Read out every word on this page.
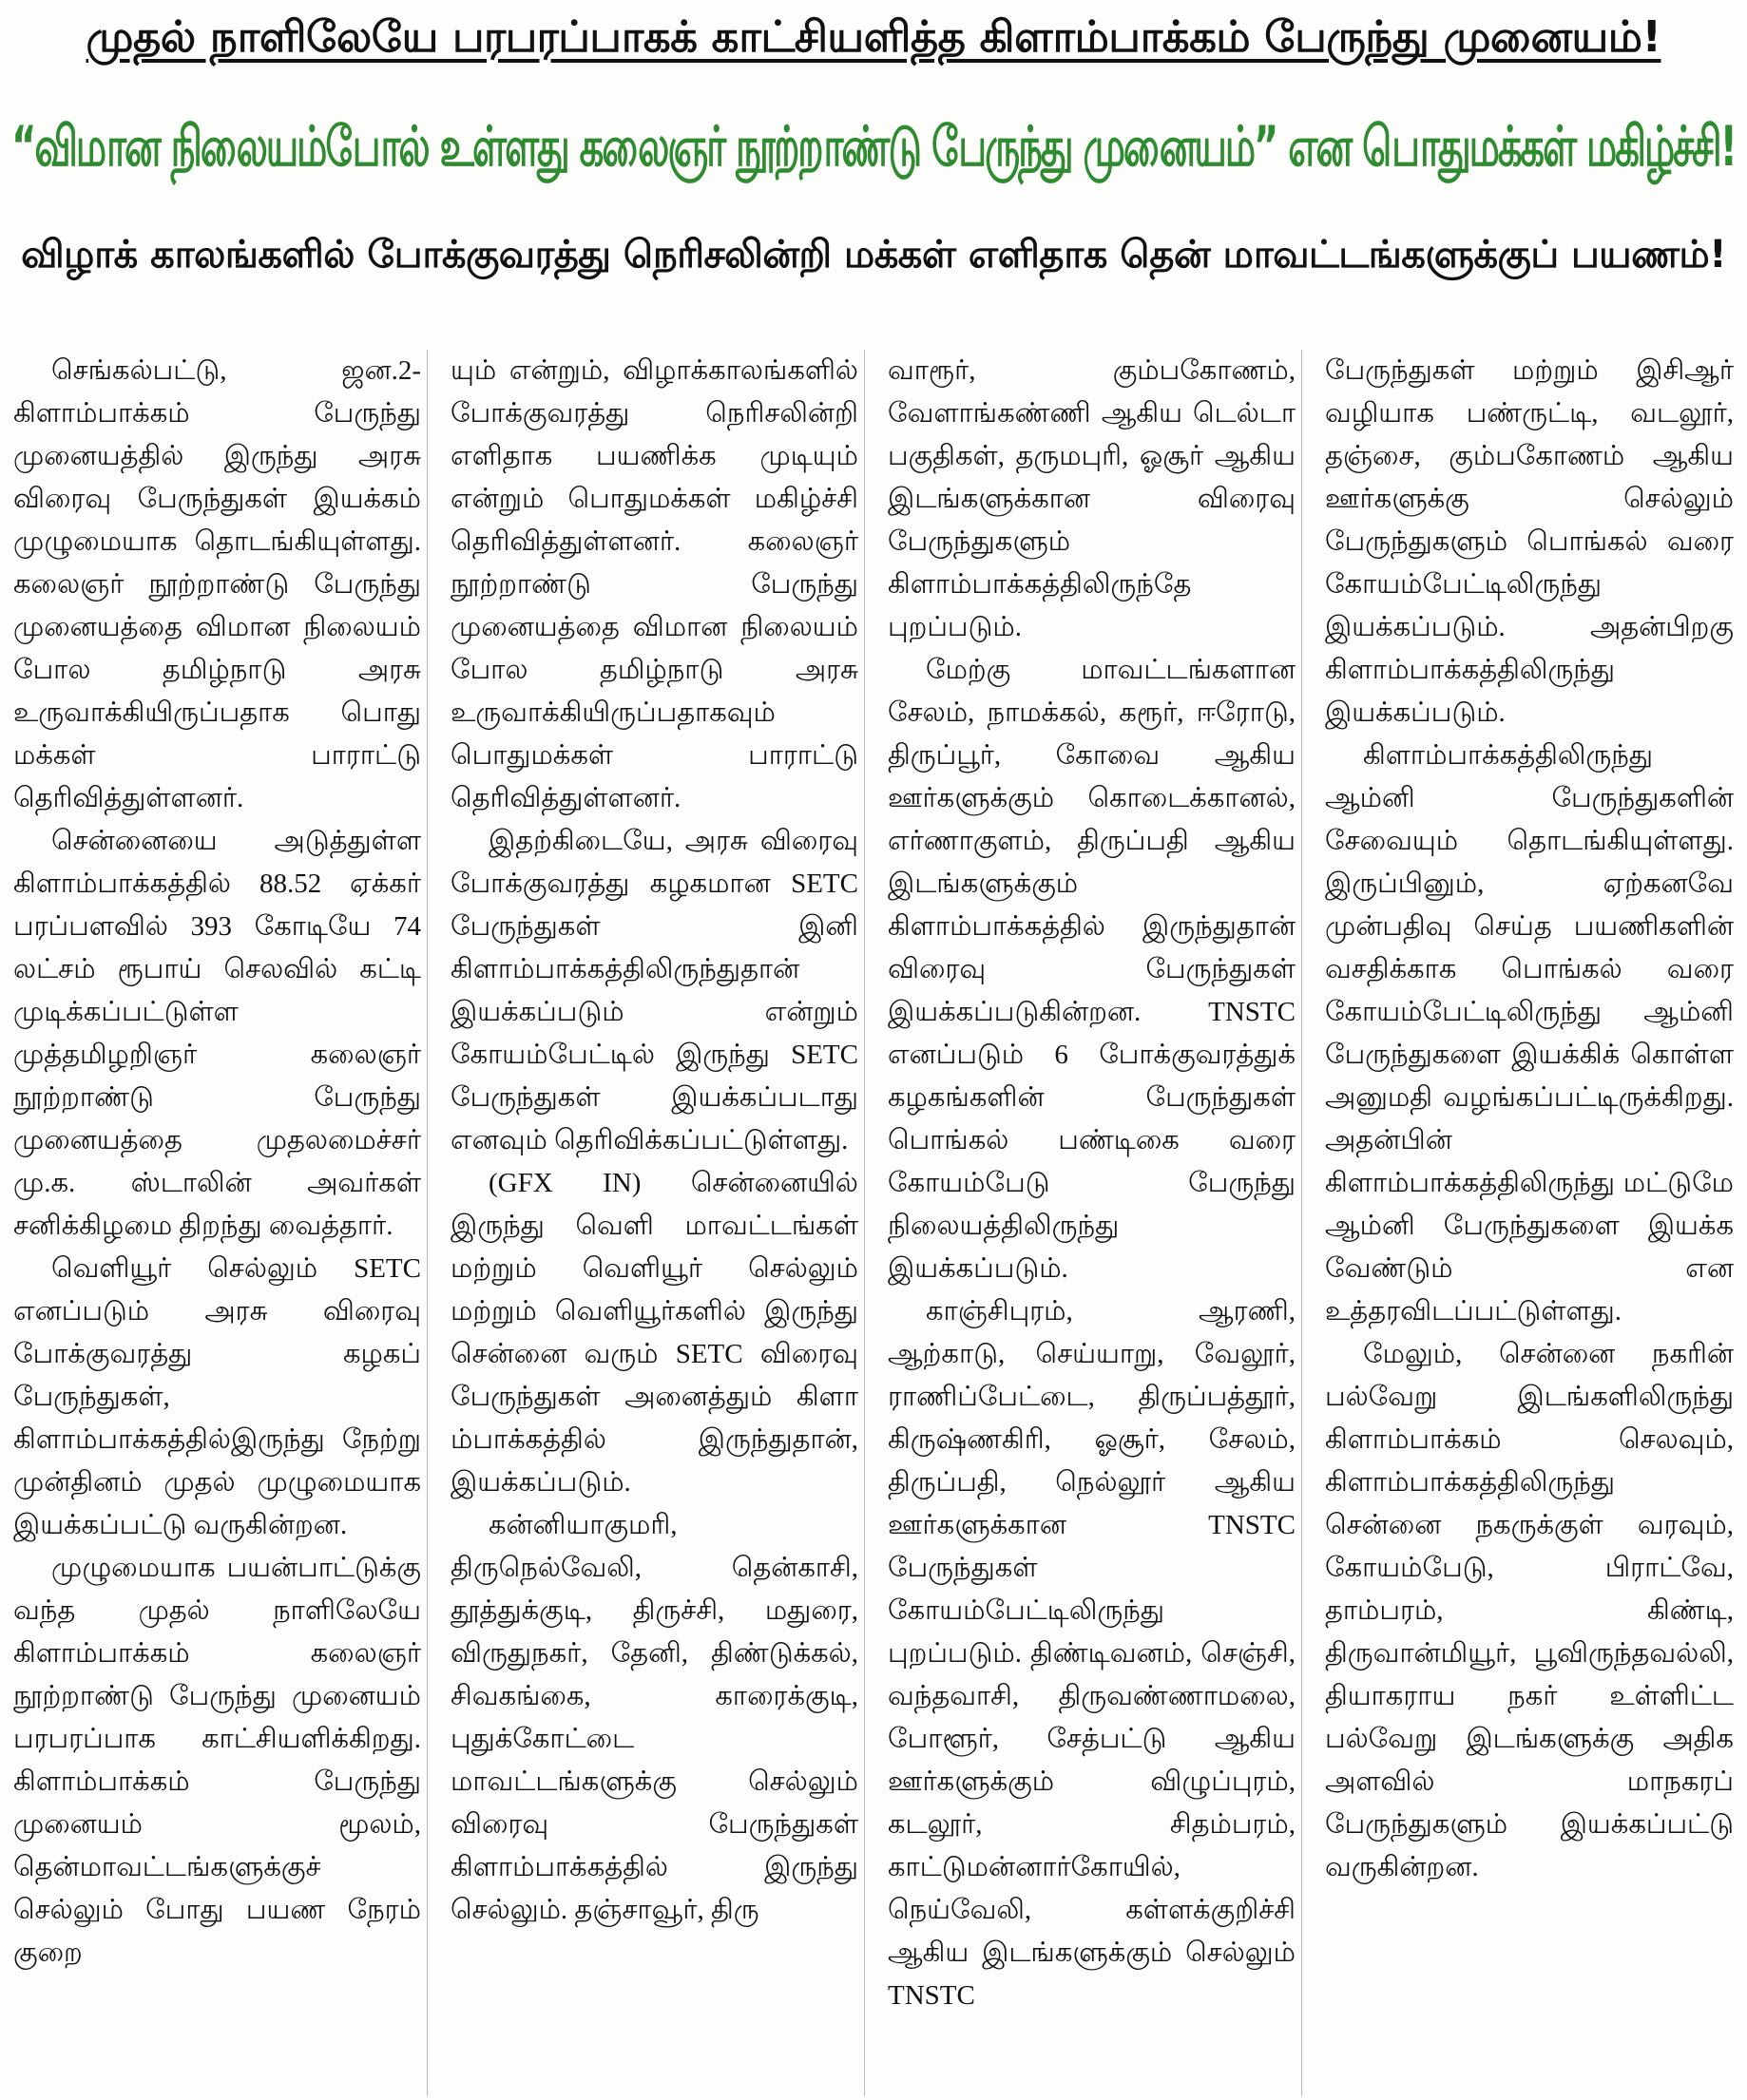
முதல் நாளிலேயே பரபரப்பாகக் காட்சியளித்த கிளாம்பாக்கம் பேருந்து முனையம்!
“விமான நிலையம்போல் உள்ளது கலைஞர் நூற்றாண்டு பேருந்து முனையம்” என பொதுமக்கள் மகிழ்ச்சி!
விழாக் காலங்களில் போக்குவரத்து நெரிசலின்றி மக்கள் எளிதாக தென் மாவட்டங்களுக்குப் பயணம்!

செங்கல்பட்டு, ஜன.2- கிளாம்பாக்கம் பேருந்து முனையத்தில் இருந்து அரசு விரைவு பேருந்துகள் இயக்கம் முழுமையாக தொடங்கியுள்ளது. கலைஞர் நூற்றாண்டு பேருந்து முனையத்தை விமான நிலையம் போல தமிழ்நாடு அரசு உருவாக்கியிருப்பதாக பொது மக்கள் பாராட்டு தெரிவித்துள்ளனர்.

சென்னையை அடுத்துள்ள கிளாம்பாக்கத்தில் 88.52 ஏக்கர் பரப்பளவில் 393 கோடியே 74 லட்சம் ரூபாய் செலவில் கட்டி முடிக்கப்பட்டுள்ள முத்தமிழறிஞர் கலைஞர் நூற்றாண்டு பேருந்து முனையத்தை முதலமைச்சர் மு.க. ஸ்டாலின் அவர்கள் சனிக்கிழமை திறந்து வைத்தார்.

வெளியூர் செல்லும் SETC எனப்படும் அரசு விரைவு போக்குவரத்து கழகப் பேருந்துகள், கிளாம்பாக்கத்தில்இருந்து நேற்று முன்தினம் முதல் முழுமையாக இயக்கப்பட்டு வருகின்றன.

முழுமையாக பயன்பாட்டுக்கு வந்த முதல் நாளிலேயே கிளாம்பாக்கம் கலைஞர் நூற்றாண்டு பேருந்து முனையம் பரபரப்பாக காட்சியளிக்கிறது. கிளாம்பாக்கம் பேருந்து முனையம் மூலம், தென்மாவட்டங்களுக்குச் செல்லும் போது பயண நேரம் குறை

யும் என்றும், விழாக்காலங்களில் போக்குவரத்து நெரிசலின்றி எளிதாக பயணிக்க முடியும் என்றும் பொதுமக்கள் மகிழ்ச்சி தெரிவித்துள்ளனர். கலைஞர் நூற்றாண்டு பேருந்து முனையத்தை விமான நிலையம் போல தமிழ்நாடு அரசு உருவாக்கியிருப்பதாகவும் பொதுமக்கள் பாராட்டு தெரிவித்துள்ளனர்.

இதற்கிடையே, அரசு விரைவு போக்குவரத்து கழகமான SETC பேருந்துகள் இனி கிளாம்பாக்கத்திலிருந்துதான் இயக்கப்படும் என்றும் கோயம்பேட்டில் இருந்து SETC பேருந்துகள் இயக்கப்படாது எனவும் தெரிவிக்கப்பட்டுள்ளது.

(GFX IN) சென்னையில் இருந்து வெளி மாவட்டங்கள் மற்றும் வெளியூர் செல்லும் மற்றும் வெளியூர்களில் இருந்து சென்னை வரும் SETC விரைவு பேருந்துகள் அனைத்தும் கிளா ம்பாக்கத்தில் இருந்துதான், இயக்கப்படும்.

கன்னியாகுமரி, திருநெல்வேலி, தென்காசி, தூத்துக்குடி, திருச்சி, மதுரை, விருதுநகர், தேனி, திண்டுக்கல், சிவகங்கை, காரைக்குடி, புதுக்கோட்டை மாவட்டங்களுக்கு செல்லும் விரைவு பேருந்துகள் கிளாம்பாக்கத்தில் இருந்து செல்லும். தஞ்சாவூர், திரு

வாரூர், கும்பகோணம், வேளாங்கண்ணி ஆகிய டெல்டா பகுதிகள், தருமபுரி, ஓசூர் ஆகிய இடங்களுக்கான விரைவு பேருந்துகளும் கிளாம்பாக்கத்திலிருந்தே புறப்படும்.

மேற்கு மாவட்டங்களான சேலம், நாமக்கல், கரூர், ஈரோடு, திருப்பூர், கோவை ஆகிய ஊர்களுக்கும் கொடைக்கானல், எர்ணாகுளம், திருப்பதி ஆகிய இடங்களுக்கும் கிளாம்பாக்கத்தில் இருந்துதான் விரைவு பேருந்துகள் இயக்கப்படுகின்றன. TNSTC எனப்படும் 6 போக்குவரத்துக் கழகங்களின் பேருந்துகள் பொங்கல் பண்டிகை வரை கோயம்பேடு பேருந்து நிலையத்திலிருந்து இயக்கப்படும்.

காஞ்சிபுரம், ஆரணி, ஆற்காடு, செய்யாறு, வேலூர், ராணிப்பேட்டை, திருப்பத்தூர், கிருஷ்ணகிரி, ஓசூர், சேலம், திருப்பதி, நெல்லூர் ஆகிய ஊர்களுக்கான TNSTC பேருந்துகள் கோயம்பேட்டிலிருந்து புறப்படும். திண்டிவனம், செஞ்சி, வந்தவாசி, திருவண்ணாமலை, போளூர், சேத்பட்டு ஆகிய ஊர்களுக்கும் விழுப்புரம், கடலூர், சிதம்பரம், காட்டுமன்னார்கோயில், நெய்வேலி, கள்ளக்குறிச்சி ஆகிய இடங்களுக்கும் செல்லும் TNSTC

பேருந்துகள் மற்றும் இசிஆர் வழியாக பண்ருட்டி, வடலூர், தஞ்சை, கும்பகோணம் ஆகிய ஊர்களுக்கு செல்லும் பேருந்துகளும் பொங்கல் வரை கோயம்பேட்டிலிருந்து இயக்கப்படும். அதன்பிறகு கிளாம்பாக்கத்திலிருந்து இயக்கப்படும்.

கிளாம்பாக்கத்திலிருந்து ஆம்னி பேருந்துகளின் சேவையும் தொடங்கியுள்ளது. இருப்பினும், ஏற்கனவே முன்பதிவு செய்த பயணிகளின் வசதிக்காக பொங்கல் வரை கோயம்பேட்டிலிருந்து ஆம்னி பேருந்துகளை இயக்கிக் கொள்ள அனுமதி வழங்கப்பட்டிருக்கிறது. அதன்பின் கிளாம்பாக்கத்திலிருந்து மட்டுமே ஆம்னி பேருந்துகளை இயக்க வேண்டும் என உத்தரவிடப்பட்டுள்ளது.

மேலும், சென்னை நகரின் பல்வேறு இடங்களிலிருந்து கிளாம்பாக்கம் செலவும், கிளாம்பாக்கத்திலிருந்து சென்னை நகருக்குள் வரவும், கோயம்பேடு, பிராட்வே, தாம்பரம், கிண்டி, திருவான்மியூர், பூவிருந்தவல்லி, தியாகராய நகர் உள்ளிட்ட பல்வேறு இடங்களுக்கு அதிக அளவில் மாநகரப் பேருந்துகளும் இயக்கப்பட்டு வருகின்றன.
